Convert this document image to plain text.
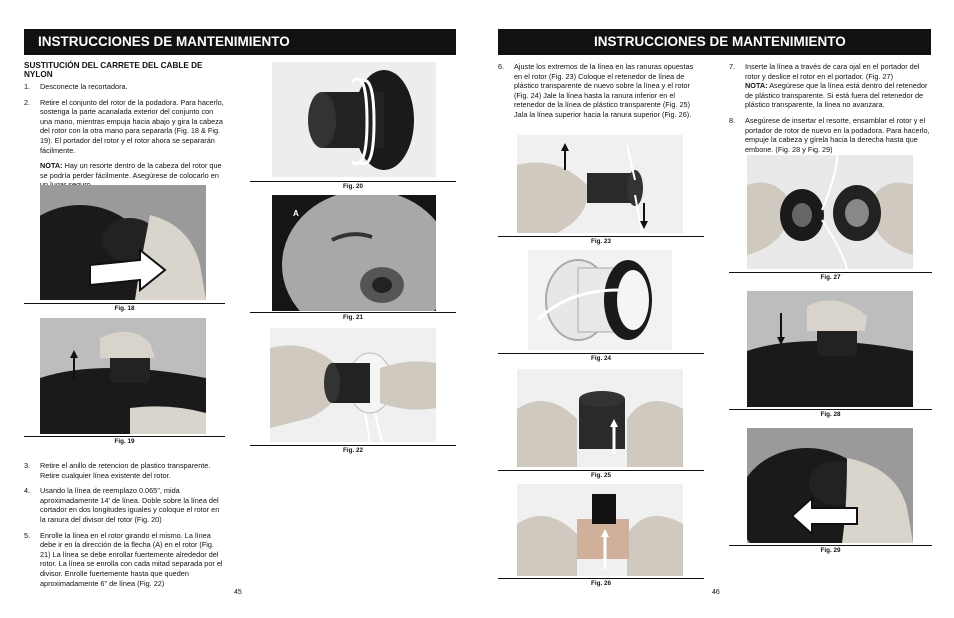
INSTRUCCIONES DE MANTENIMIENTO
SUSTITUCIÓN DEL CARRETE DEL CABLE DE NYLON
1.	Desconecte la recortadora.
2.	Retire el conjunto del rotor de la podadora. Para hacerlo, sostenga la parte acanalada exterior del conjunto con una mano, mientras empuja hacia abajo y gira la cabeza del rotor con la otra mano para separarla (Fig. 18 & Fig. 19). El portador del rotor y el rotor ahora se separarán fácilmente.

NOTA: Hay un resorte dentro de la cabeza del rotor que se podría perder fácilmente. Asegúrese de colocarlo en

Fig. 18
Fig. 19
3.	Retire el anillo de retencion de plastico transparente. Retire cualquier línea existente del rotor.
4.	Usando la línea de reemplazo 0.065", mida aproximadamente 14' de línea. Doble sobre la línea del cortador en dos longitudes iguales y coloque el rotor en la ranura del divisor del rotor (Fig. 20)
5.	Enrolle la línea en el rotor girando el mismo. La línea debe ir en la dirección de la flecha (A) en el rotor (Fig. 21) La línea se debe enrollar fuertemente alrededor del rotor. La línea se enrolla con cada mitad separada por el divisor. Enrolle fuertemente hasta que queden aproximadamente 6" de línea (Fig. 22)
Fig. 20
A
Fig. 21
Fig. 22
45
INSTRUCCIONES DE MANTENIMIENTO
6.	Ajuste los extremos de la línea en las ranuras opuestas en el rotor (Fig. 23) Coloque el retenedor de línea de plástico transparente de nuevo sobre la línea y el rotor (Fig. 24) Jale la línea hasta la ranura inferior en el retenedor de la línea de plástico transparente (Fig. 25) Jala la línea superior hacia la ranura superior (Fig. 26).
Fig. 23
Fig. 24
Fig. 25
Fig. 26
7.	Inserte la línea a través de cara ojal en el portador del rotor y deslice el rotor en el portador. (Fig. 27)
NOTA: Asegúrese que la línea está dentro del retenedor de plástico transparente. Si está fuera del retenedor de plástico transparente, la línea no avanzara.
8.	Asegúrese de insertar el resorte, ensamblar el rotor y el portador de rotor de nuevo en la podadora. Para hacerlo, empuje la cabeza y gírela hacia la derecha hasta que embone. (Fig. 28 y Fig. 29)
Fig. 27
Fig. 28
Fig. 29
46
